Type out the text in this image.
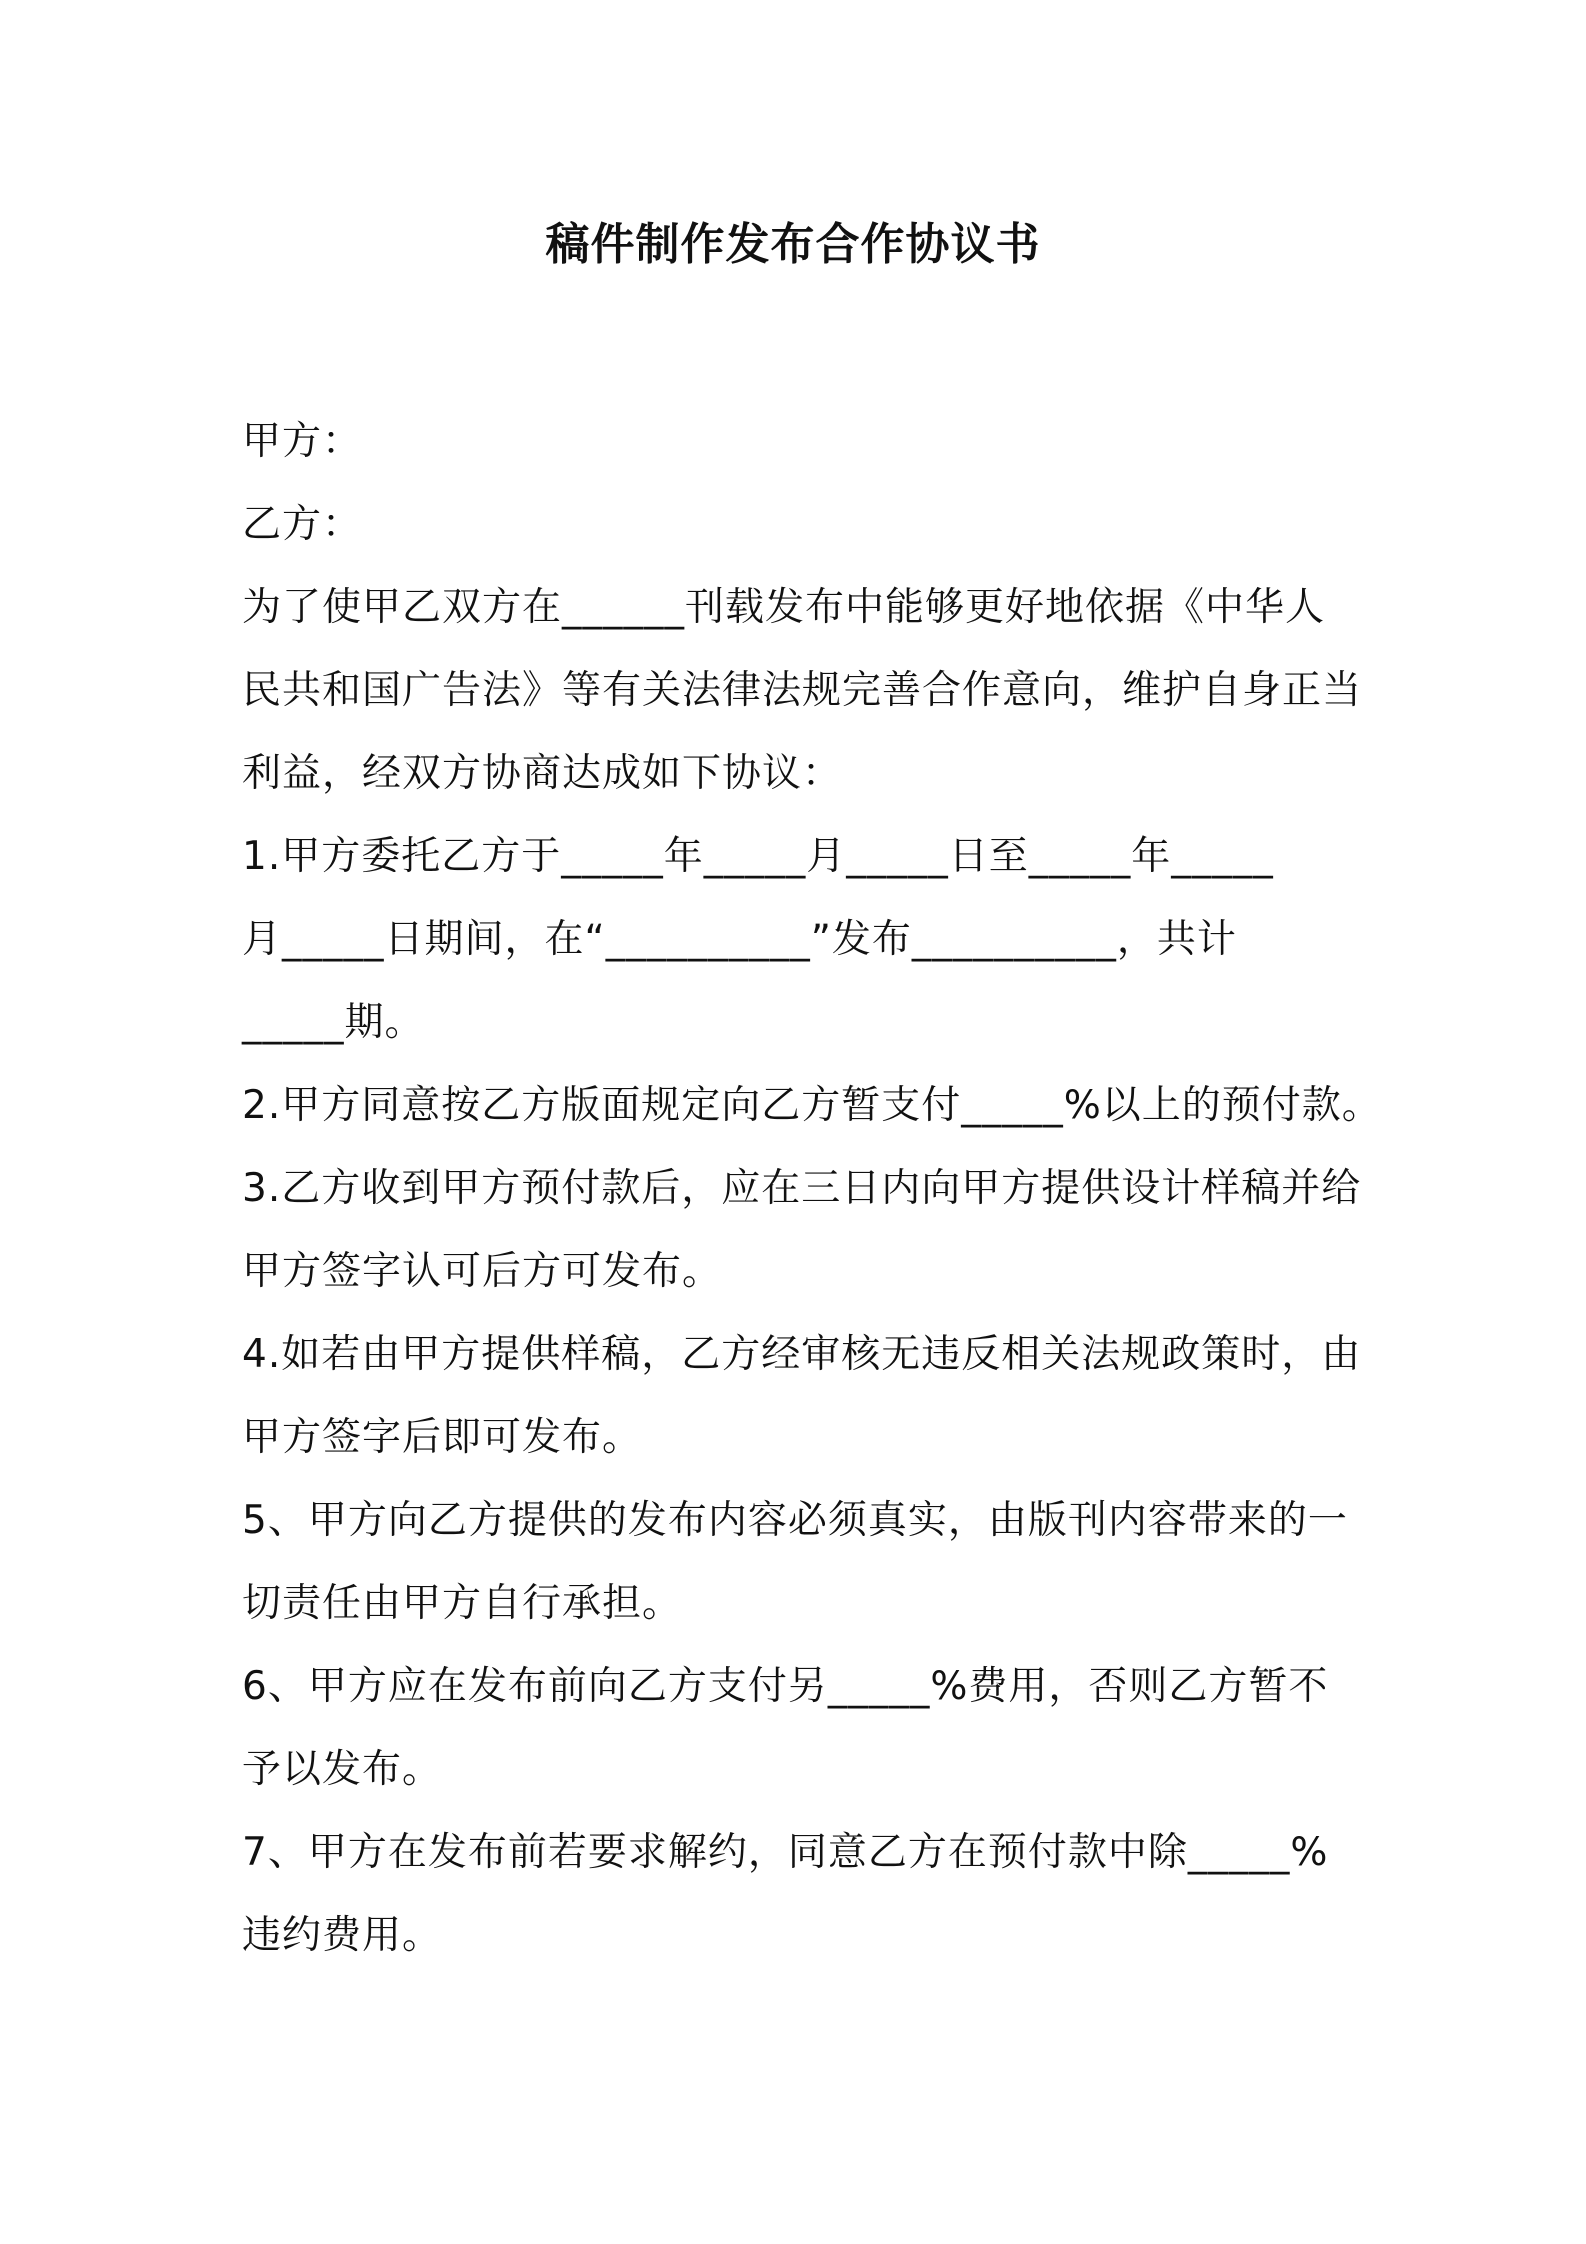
稿件制作发布合作协议书
甲方：
乙方：
为了使甲乙双方在______刊载发布中能够更好地依据《中华人
民共和国广告法》等有关法律法规完善合作意向，维护自身正当
利益，经双方协商达成如下协议：
1.甲方委托乙方于_____年_____月_____日至_____年_____
月_____日期间，在“__________”发布__________，共计
_____期。
2.甲方同意按乙方版面规定向乙方暂支付_____%以上的预付款。
3.乙方收到甲方预付款后，应在三日内向甲方提供设计样稿并给
甲方签字认可后方可发布。
4.如若由甲方提供样稿，乙方经审核无违反相关法规政策时，由
甲方签字后即可发布。
5、甲方向乙方提供的发布内容必须真实，由版刊内容带来的一
切责任由甲方自行承担。
6、甲方应在发布前向乙方支付另_____%费用，否则乙方暂不
予以发布。
7、甲方在发布前若要求解约，同意乙方在预付款中除_____%
违约费用。
